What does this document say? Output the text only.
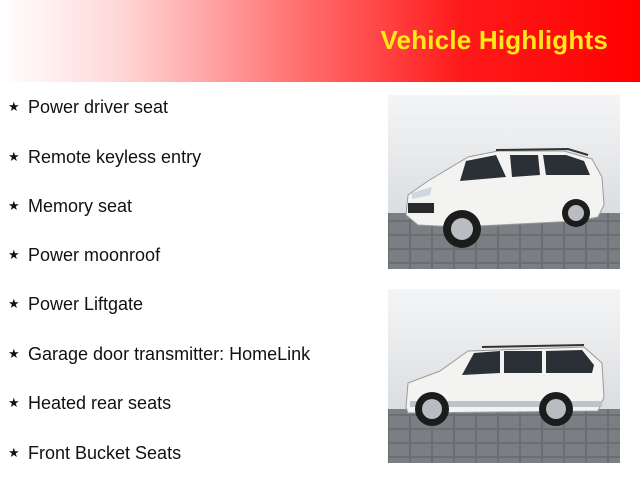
Vehicle Highlights
★ Power driver seat
★ Remote keyless entry
★ Memory seat
★ Power moonroof
★ Power Liftgate
★ Garage door transmitter: HomeLink
★ Heated rear seats
★ Front Bucket Seats
